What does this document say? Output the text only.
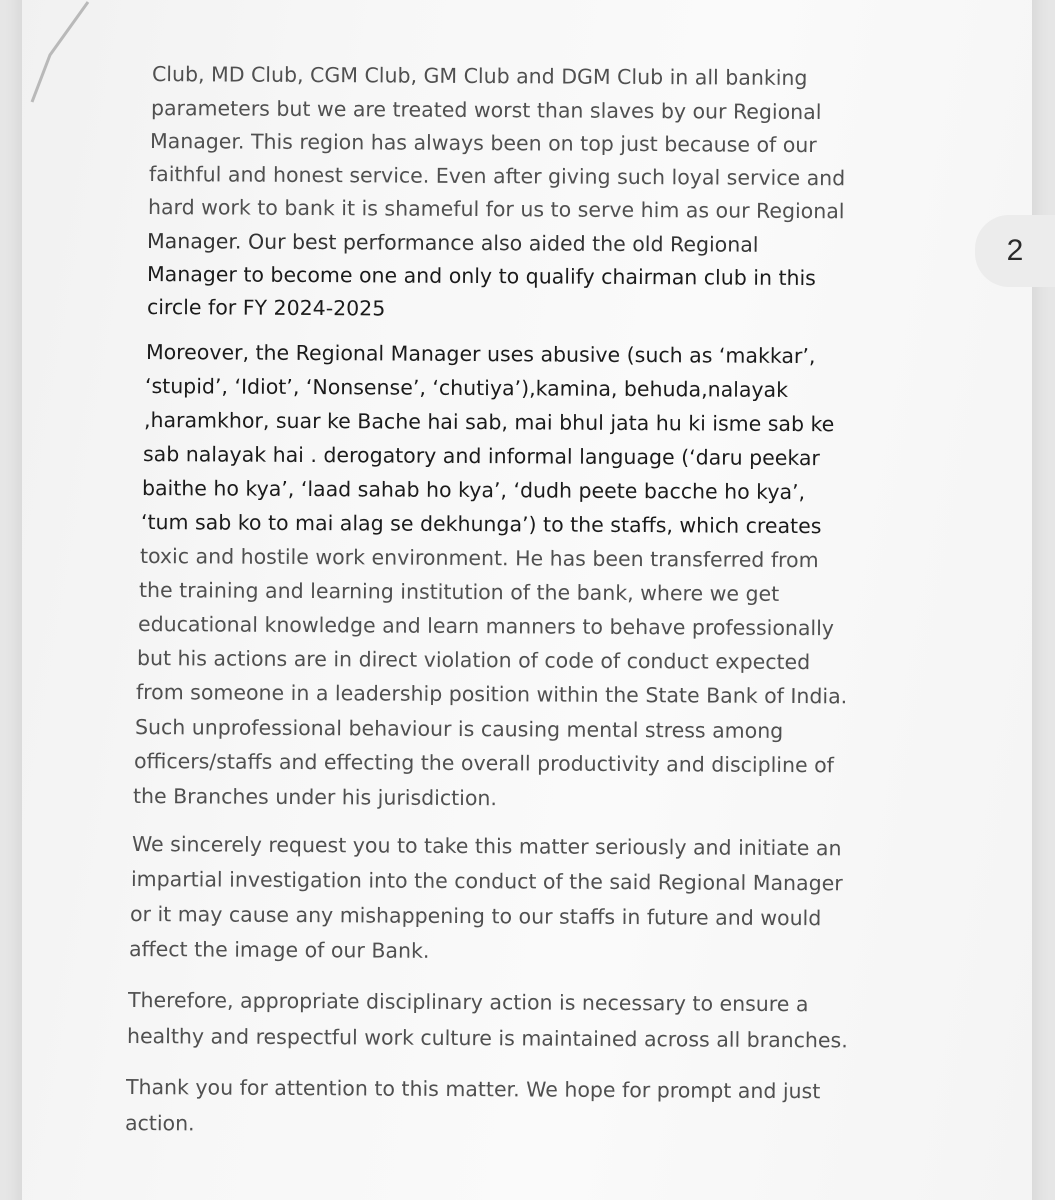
2
Club, MD Club, CGM Club, GM Club and DGM Club in all banking
parameters but we are treated worst than slaves by our Regional
Manager. This region has always been on top just because of our
faithful and honest service. Even after giving such loyal service and
hard work to bank it is shameful for us to serve him as our Regional
Manager. Our best performance also aided the old Regional
Manager to become one and only to qualify chairman club in this
circle for FY 2024-2025
Moreover, the Regional Manager uses abusive (such as ‘makkar’,
‘stupid’, ‘Idiot’, ‘Nonsense’, ‘chutiya’),kamina, behuda,nalayak
,haramkhor, suar ke Bache hai sab, mai bhul jata hu ki isme sab ke
sab nalayak hai . derogatory and informal language (‘daru peekar
baithe ho kya’, ‘laad sahab ho kya’, ‘dudh peete bacche ho kya’,
‘tum sab ko to mai alag se dekhunga’) to the staffs, which creates
toxic and hostile work environment. He has been transferred from
the training and learning institution of the bank, where we get
educational knowledge and learn manners to behave professionally
but his actions are in direct violation of code of conduct expected
from someone in a leadership position within the State Bank of India.
Such unprofessional behaviour is causing mental stress among
officers/staffs and effecting the overall productivity and discipline of
the Branches under his jurisdiction.
We sincerely request you to take this matter seriously and initiate an
impartial investigation into the conduct of the said Regional Manager
or it may cause any mishappening to our staffs in future and would
affect the image of our Bank.
Therefore, appropriate disciplinary action is necessary to ensure a
healthy and respectful work culture is maintained across all branches.
Thank you for attention to this matter. We hope for prompt and just
action.
